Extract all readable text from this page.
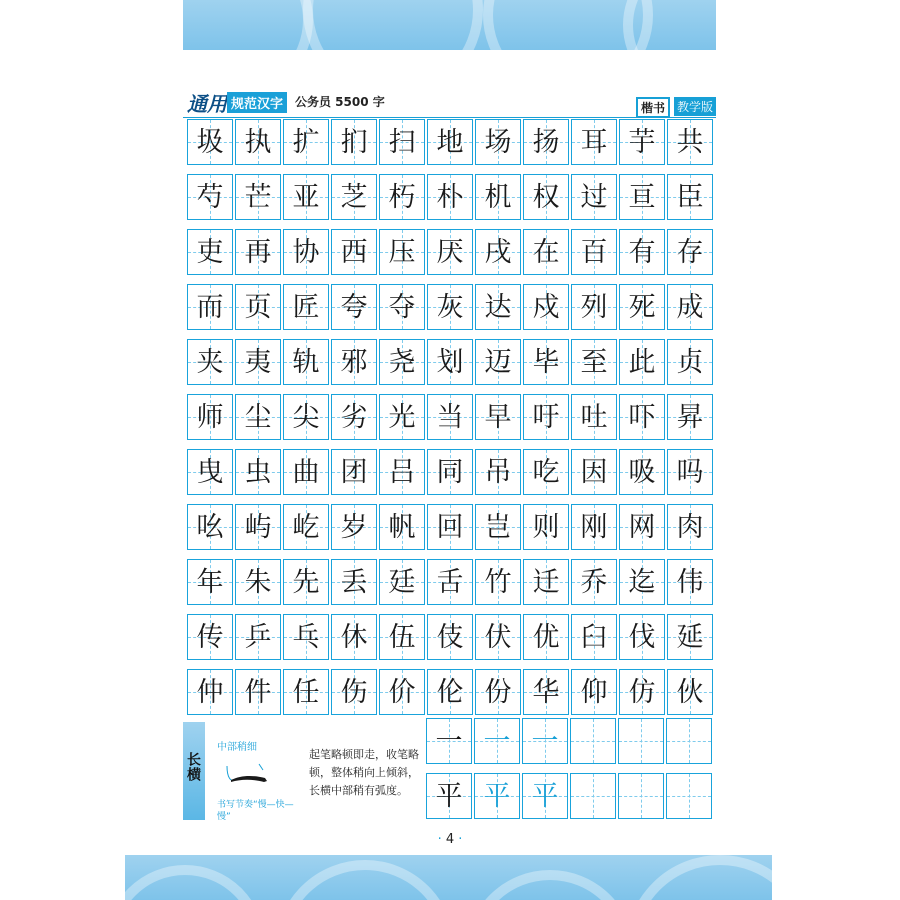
通用 规范汉字 公务员 5500 字	楷书 教学版
圾 执 扩 扪 扫 地 场 扬 耳 芋 共
芍 芒 亚 芝 朽 朴 机 权 过 亘 臣
吏 再 协 西 压 厌 戌 在 百 有 存
而 页 匠 夸 夺 灰 达 戍 列 死 成
夹 夷 轨 邪 尧 划 迈 毕 至 此 贞
师 尘 尖 劣 光 当 早 吁 吐 吓 昇
曳 虫 曲 团 吕 同 吊 吃 因 吸 吗
吆 屿 屹 岁 帆 回 岂 则 刚 网 肉
年 朱 先 丢 廷 舌 竹 迁 乔 迄 伟
传 乒 乓 休 伍 伎 伏 优 臼 伐 延
仲 件 任 伤 价 伦 份 华 仰 仿 伙
长横
中部稍细
书写节奏“慢—快—慢”
起笔略顿即走，收笔略顿，整体稍向上倾斜，长横中部稍有弧度。
一 一 一
平 平 平
· 4 ·
